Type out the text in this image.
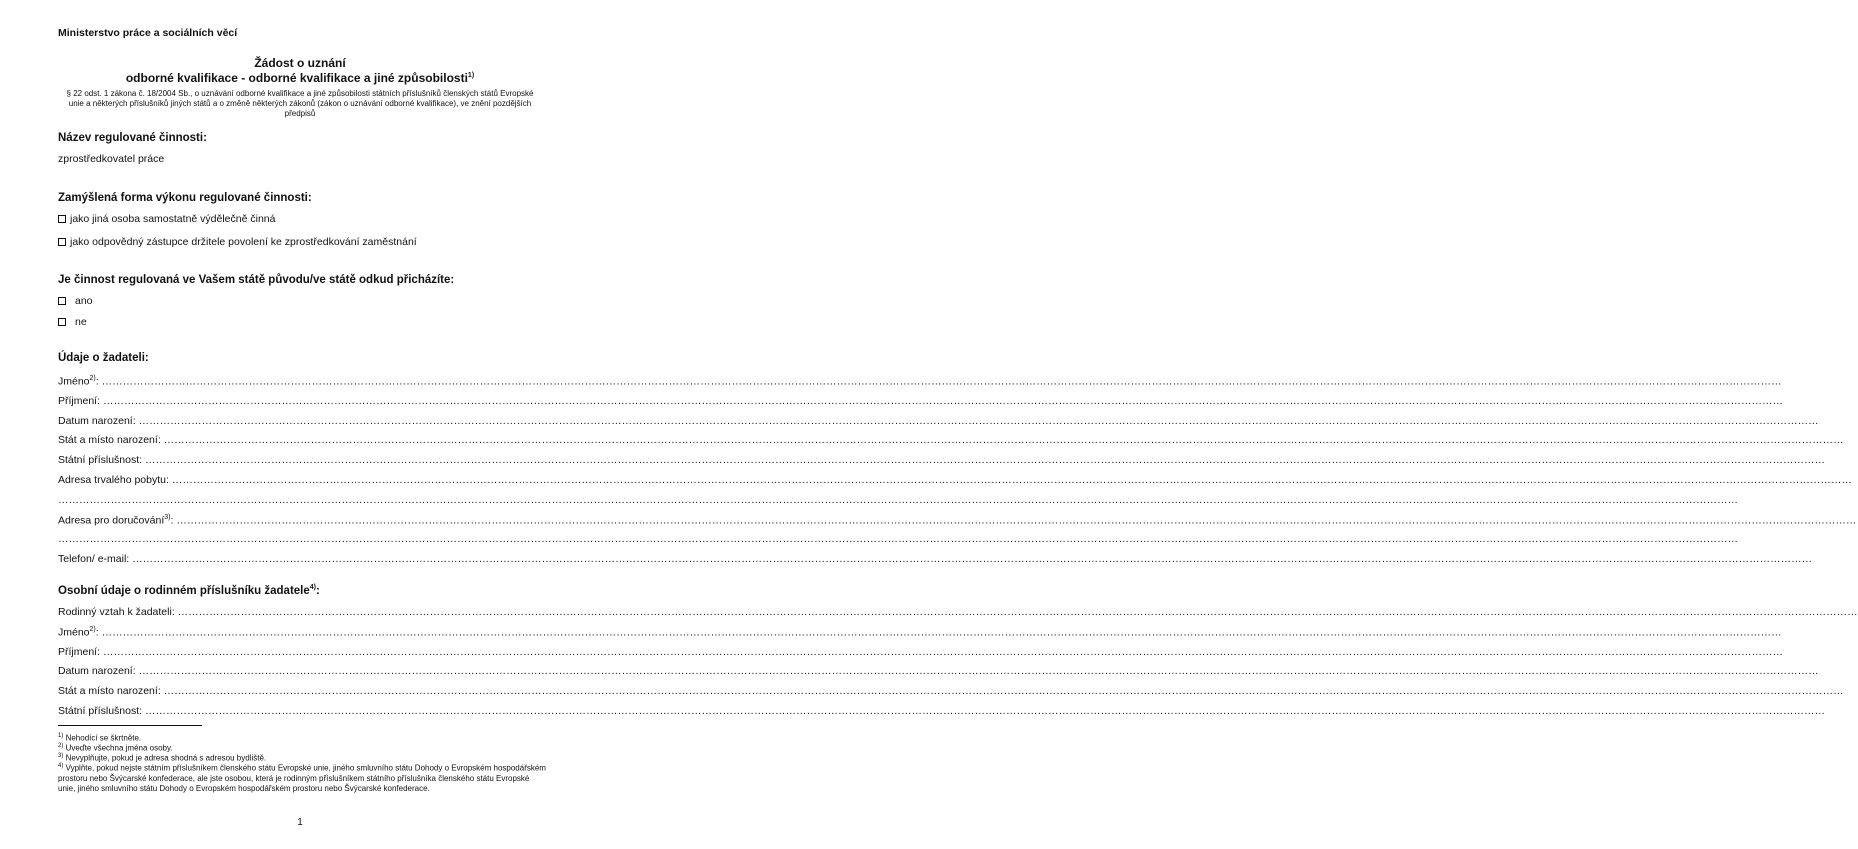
Ministerstvo práce a sociálních věcí
Žádost o uznání
odborné kvalifikace - odborné kvalifikace a jiné způsobilosti$^{1)}$
§ 22 odst. 1 zákona č. 18/2004 Sb., o uznávání odborné kvalifikace a jiné způsobilosti státních příslušníků členských států Evropské unie a některých příslušníků jiných států a o změně některých zákonů (zákon o uznávání odborné kvalifikace), ve znění pozdějších předpisů
Název regulované činnosti:
zprostředkovatel práce
Zamýšlená forma výkonu regulované činnosti:
jako jiná osoba samostatně výdělečně činná
jako odpovědný zástupce držitele povolení ke zprostředkování zaměstnání
Je činnost regulovaná ve Vašem státě původu/ve státě odkud přicházíte:
ano
ne
Údaje o žadateli:
Jméno$^{2)}$: …………………………………………………………………………………………………………………………………………………………………………………………………………………………………………………………………………………………………………………………………………………………………………………………………………………………………………
Příjmení: …………………………………………………………………………………………………………………………………………………………………………………………………………………………………………………………………………………………………………………………………………………………………………………………………………………………………………
Datum narození: …………………………………………………………………………………………………………………………………………………………………………………………………………………………………………………………………………………………………………………………………………………………………………………………………………………………………………
Stát a místo narození: …………………………………………………………………………………………………………………………………………………………………………………………………………………………………………………………………………………………………………………………………………………………………………………………………………………………………………
Státní příslušnost: …………………………………………………………………………………………………………………………………………………………………………………………………………………………………………………………………………………………………………………………………………………………………………………………………………………………………………
Adresa trvalého pobytu: …………………………………………………………………………………………………………………………………………………………………………………………………………………………………………………………………………………………………………………………………………………………………………………………………………………………………………
…………………………………………………………………………………………………………………………………………………………………………………………………………………………………………………………………………………………………………………………………………………………………………………………………………………………………………
Adresa pro doručování$^{3)}$: …………………………………………………………………………………………………………………………………………………………………………………………………………………………………………………………………………………………………………………………………………………………………………………………………………………………………………
…………………………………………………………………………………………………………………………………………………………………………………………………………………………………………………………………………………………………………………………………………………………………………………………………………………………………………
Telefon/ e-mail: …………………………………………………………………………………………………………………………………………………………………………………………………………………………………………………………………………………………………………………………………………………………………………………………………………………………………………
Osobní údaje o rodinném příslušníku žadatele$^{4)}$:
Rodinný vztah k žadateli: …………………………………………………………………………………………………………………………………………………………………………………………………………………………………………………………………………………………………………………………………………………………………………………………………………………………………………
Jméno$^{2)}$: …………………………………………………………………………………………………………………………………………………………………………………………………………………………………………………………………………………………………………………………………………………………………………………………………………………………………………
Příjmení: …………………………………………………………………………………………………………………………………………………………………………………………………………………………………………………………………………………………………………………………………………………………………………………………………………………………………………
Datum narození: …………………………………………………………………………………………………………………………………………………………………………………………………………………………………………………………………………………………………………………………………………………………………………………………………………………………………………
Stát a místo narození: …………………………………………………………………………………………………………………………………………………………………………………………………………………………………………………………………………………………………………………………………………………………………………………………………………………………………………
Státní příslušnost: …………………………………………………………………………………………………………………………………………………………………………………………………………………………………………………………………………………………………………………………………………………………………………………………………………………………………………
$^{1)}$ Nehodící se škrtněte.
$^{2)}$ Uveďte všechna jména osoby.
$^{3)}$ Nevyplňujte, pokud je adresa shodná s adresou bydliště.
$^{4)}$ Vyplňte, pokud nejste státním příslušníkem členského státu Evropské unie, jiného smluvního státu Dohody o Evropském hospodářském prostoru nebo Švýcarské konfederace, ale jste osobou, která je rodinným příslušníkem státního příslušníka členského státu Evropské unie, jiného smluvního státu Dohody o Evropském hospodářském prostoru nebo Švýcarské konfederace.
1
